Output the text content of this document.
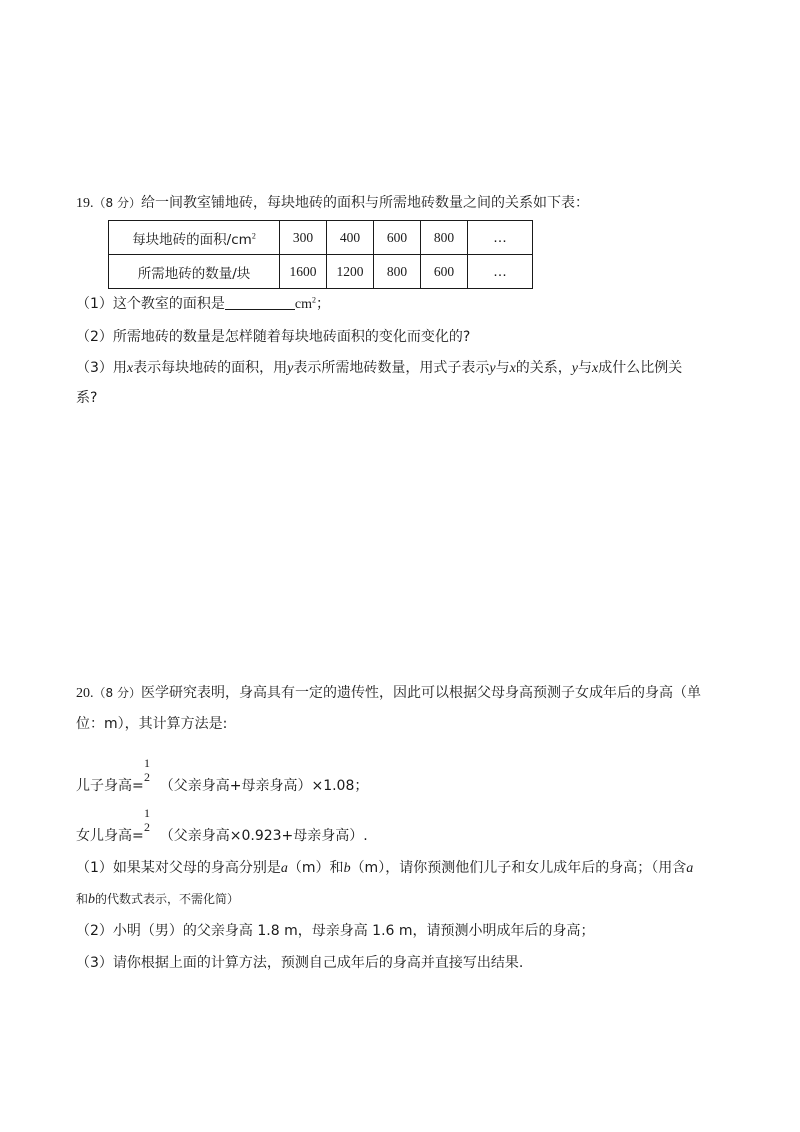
19.（8 分）给一间教室铺地砖，每块地砖的面积与所需地砖数量之间的关系如下表：
每块地砖的面积$/cm^2$	300	400	600	800	…
所需地砖的数量/块	1600	1200	800	600	…
（1）这个教室的面积是	$cm^2$；
（2）所需地砖的数量是怎样随着每块地砖面积的变化而变化的?
（3）用x表示每块地砖的面积，用y表示所需地砖数量，用式子表示y与x的关系，y与x成什么比例关
系?
20.（8 分）医学研究表明，身高具有一定的遗传性，因此可以根据父母身高预测子女成年后的身高（单
位：m），其计算方法是:
1
2
儿子身高= （父亲身高+母亲身高）×1.08；
1
2
女儿身高= （父亲身高×0.923+母亲身高）.
（1）如果某对父母的身高分别是a（m）和b（m），请你预测他们儿子和女儿成年后的身高；（用含a
和b的代数式表示，不需化简）
（2）小明（男）的父亲身高 1.8 m，母亲身高 1.6 m，请预测小明成年后的身高；
（3）请你根据上面的计算方法，预测自己成年后的身高并直接写出结果.
